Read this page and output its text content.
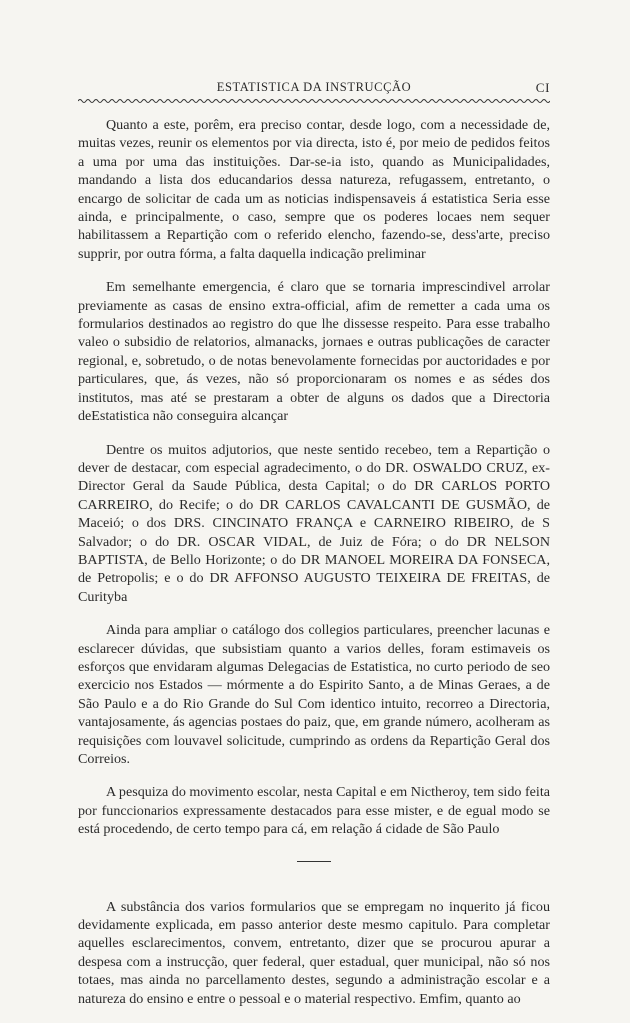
ESTATISTICA DA INSTRUCÇÃO	CI

Quanto a este, porêm, era preciso contar, desde logo, com a necessidade de, muitas vezes, reunir os elementos por via directa, isto é, por meio de pedidos feitos a uma por uma das instituições. Dar-se-ia isto, quando as Municipalidades, mandando a lista dos educandarios dessa natureza, refugassem, entretanto, o encargo de solicitar de cada um as noticias indispensaveis á estatistica Seria esse ainda, e principalmente, o caso, sempre que os poderes locaes nem sequer habilitassem a Repartição com o referido elencho, fazendo-se, dess'arte, preciso supprir, por outra fórma, a falta daquella indicação preliminar

Em semelhante emergencia, é claro que se tornaria imprescindivel arrolar previamente as casas de ensino extra-official, afim de remetter a cada uma os formularios destinados ao registro do que lhe dissesse respeito. Para esse trabalho valeo o subsidio de relatorios, almanacks, jornaes e outras publicações de caracter regional, e, sobretudo, o de notas benevolamente fornecidas por auctoridades e por particulares, que, ás vezes, não só proporcionaram os nomes e as sédes dos institutos, mas até se prestaram a obter de alguns os dados que a Directoria deEstatistica não conseguira alcançar

Dentre os muitos adjutorios, que neste sentido recebeo, tem a Repartição o dever de destacar, com especial agradecimento, o do DR. OSWALDO CRUZ, ex-Director Geral da Saude Pública, desta Capital; o do DR CARLOS PORTO CARREIRO, do Recife; o do DR CARLOS CAVALCANTI DE GUSMÃO, de Maceió; o dos DRS. CINCINATO FRANÇA e CARNEIRO RIBEIRO, de S Salvador; o do DR. OSCAR VIDAL, de Juiz de Fóra; o do DR NELSON BAPTISTA, de Bello Horizonte; o do DR MANOEL MOREIRA DA FONSECA, de Petropolis; e o do DR AFFONSO AUGUSTO TEIXEIRA DE FREITAS, de Curityba

Ainda para ampliar o catálogo dos collegios particulares, preencher lacunas e esclarecer dúvidas, que subsistiam quanto a varios delles, foram estimaveis os esforços que envidaram algumas Delegacias de Estatistica, no curto periodo de seo exercicio nos Estados — mórmente a do Espirito Santo, a de Minas Geraes, a de São Paulo e a do Rio Grande do Sul Com identico intuito, recorreo a Directoria, vantajosamente, ás agencias postaes do paiz, que, em grande número, acolheram as requisições com louvavel solicitude, cumprindo as ordens da Repartição Geral dos Correios.

A pesquiza do movimento escolar, nesta Capital e em Nictheroy, tem sido feita por funccionarios expressamente destacados para esse mister, e de egual modo se está procedendo, de certo tempo para cá, em relação á cidade de São Paulo

A substância dos varios formularios que se empregam no inquerito já ficou devidamente explicada, em passo anterior deste mesmo capitulo. Para completar aquelles esclarecimentos, convem, entretanto, dizer que se procurou apurar a despesa com a instrucção, quer federal, quer estadual, quer municipal, não só nos totaes, mas ainda no parcellamento destes, segundo a administração escolar e a natureza do ensino e entre o pessoal e o material respectivo. Emfim, quanto ao
